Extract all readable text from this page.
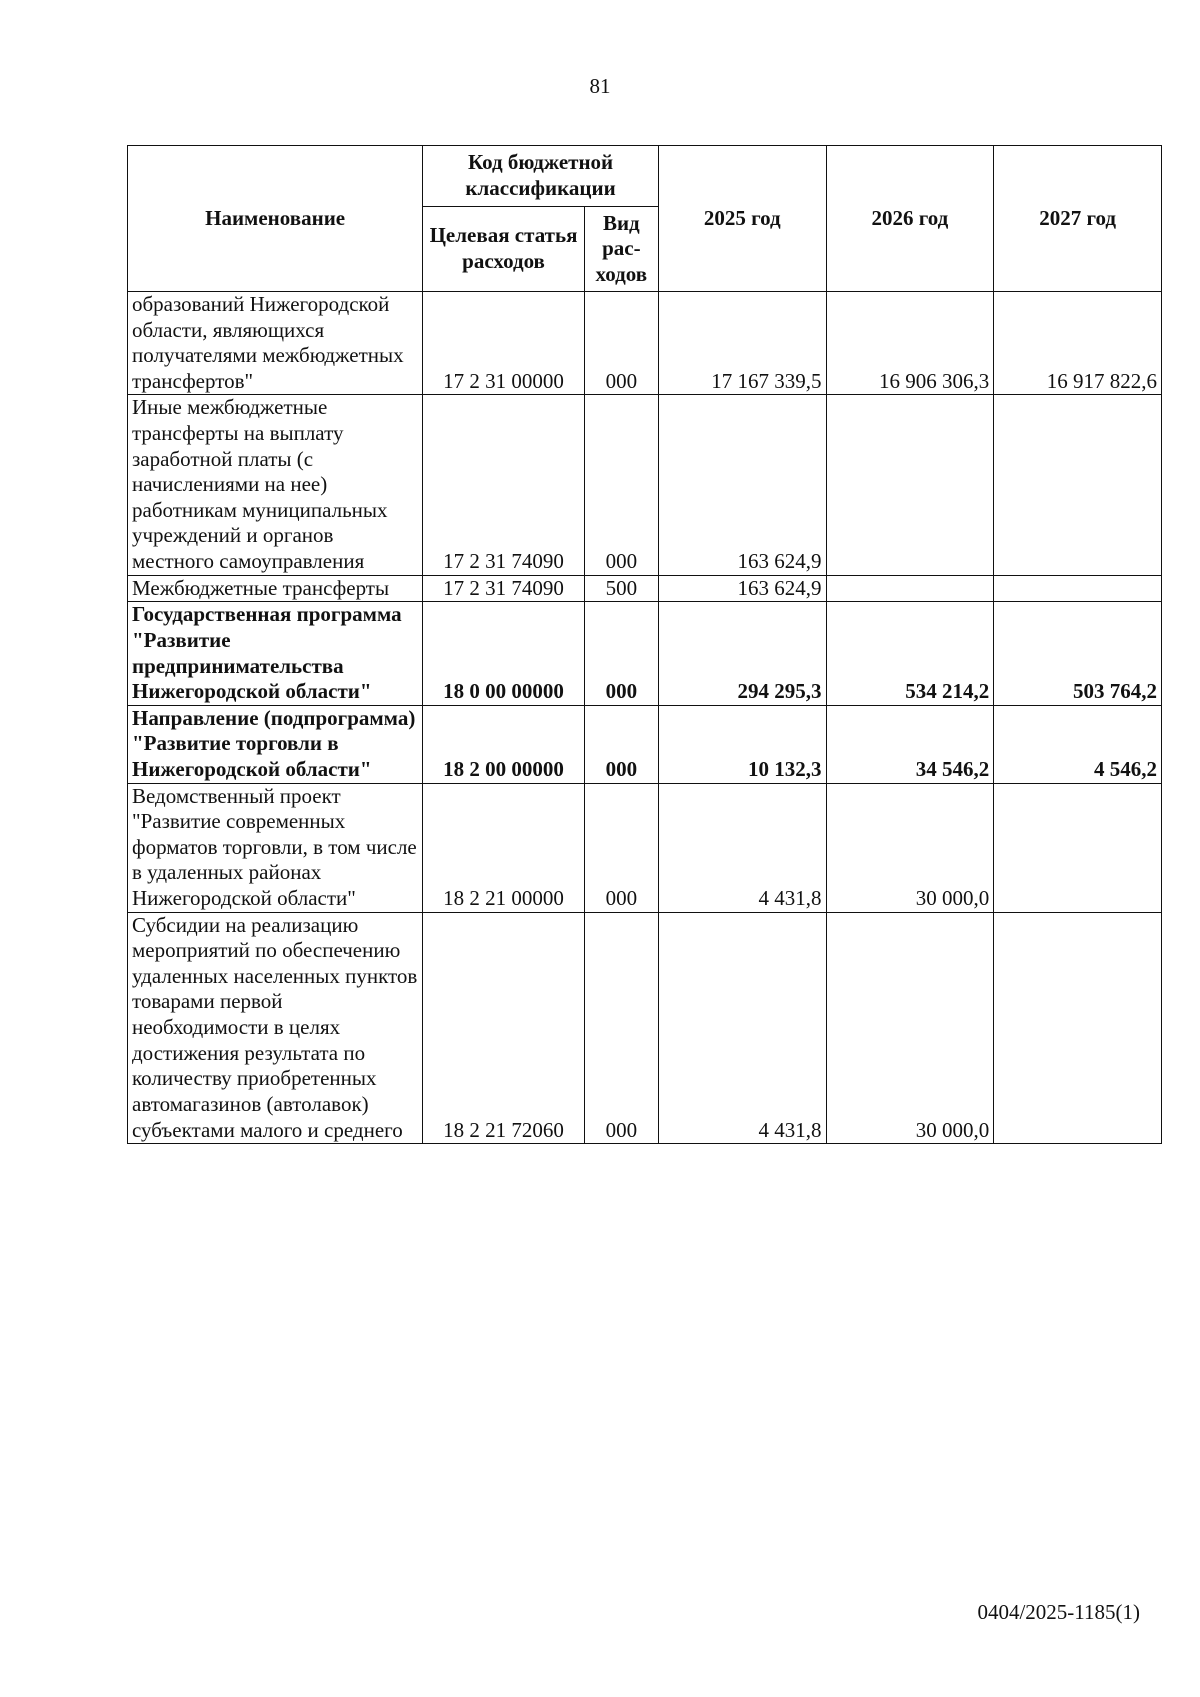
81
Наименование	Код бюджетной классификации		2025 год	2026 год	2027 год
	Целевая статья расходов	Вид рас-ходов			
образований Нижегородской области, являющихся получателями межбюджетных трансфертов"	17 2 31 00000	000	17 167 339,5	16 906 306,3	16 917 822,6
Иные межбюджетные трансферты на выплату заработной платы (с начислениями на нее) работникам муниципальных учреждений и органов местного самоуправления	17 2 31 74090	000	163 624,9		
Межбюджетные трансферты	17 2 31 74090	500	163 624,9		
Государственная программа "Развитие предпринимательства Нижегородской области"	18 0 00 00000	000	294 295,3	534 214,2	503 764,2
Направление (подпрограмма) "Развитие торговли в Нижегородской области"	18 2 00 00000	000	10 132,3	34 546,2	4 546,2
Ведомственный проект "Развитие современных форматов торговли, в том числе в удаленных районах Нижегородской области"	18 2 21 00000	000	4 431,8	30 000,0	
Субсидии на реализацию мероприятий по обеспечению удаленных населенных пунктов товарами первой необходимости в целях достижения результата по количеству приобретенных автомагазинов (автолавок) субъектами малого и среднего	18 2 21 72060	000	4 431,8	30 000,0	
0404/2025-1185(1)
